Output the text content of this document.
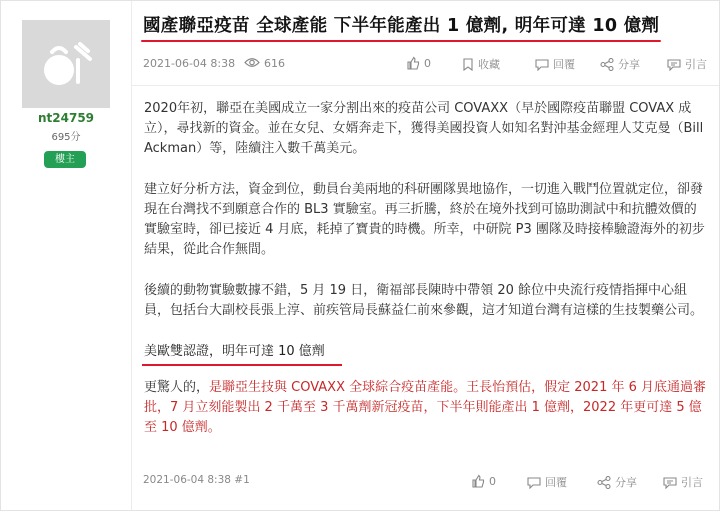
nt24759
695分
樓主
國產聯亞疫苗 全球產能 下半年能產出 1 億劑, 明年可達 10 億劑
2021-06-04 8:38	616	0	收藏	回覆	分享	引言

2020年初，聯亞在美國成立一家分割出來的疫苗公司 COVAXX（早於國際疫苗聯盟 COVAX 成立），尋找新的資金。並在女兒、女婿奔走下，獲得美國投資人如知名對沖基金經理人艾克曼（Bill Ackman）等，陸續注入數千萬美元。

建立好分析方法，資金到位，動員台美兩地的科研團隊異地協作，一切進入戰鬥位置就定位，卻發現在台灣找不到願意合作的 BL3 實驗室。再三折騰，終於在境外找到可協助測試中和抗體效價的實驗室時，卻已接近 4 月底，耗掉了寶貴的時機。所幸，中研院 P3 團隊及時接棒驗證海外的初步結果，從此合作無間。

後續的動物實驗數據不錯，5 月 19 日，衛福部長陳時中帶領 20 餘位中央流行疫情指揮中心組員，包括台大副校長張上淳、前疾管局長蘇益仁前來參觀，這才知道台灣有這樣的生技製藥公司。

美歐雙認證，明年可達 10 億劑

更驚人的，是聯亞生技與 COVAXX 全球綜合疫苗產能。王長怡預估，假定 2021 年 6 月底通過審批，7 月立刻能製出 2 千萬至 3 千萬劑新冠疫苗，下半年則能產出 1 億劑，2022 年更可達 5 億至 10 億劑。

2021-06-04 8:38 #1	0	回覆	分享	引言
